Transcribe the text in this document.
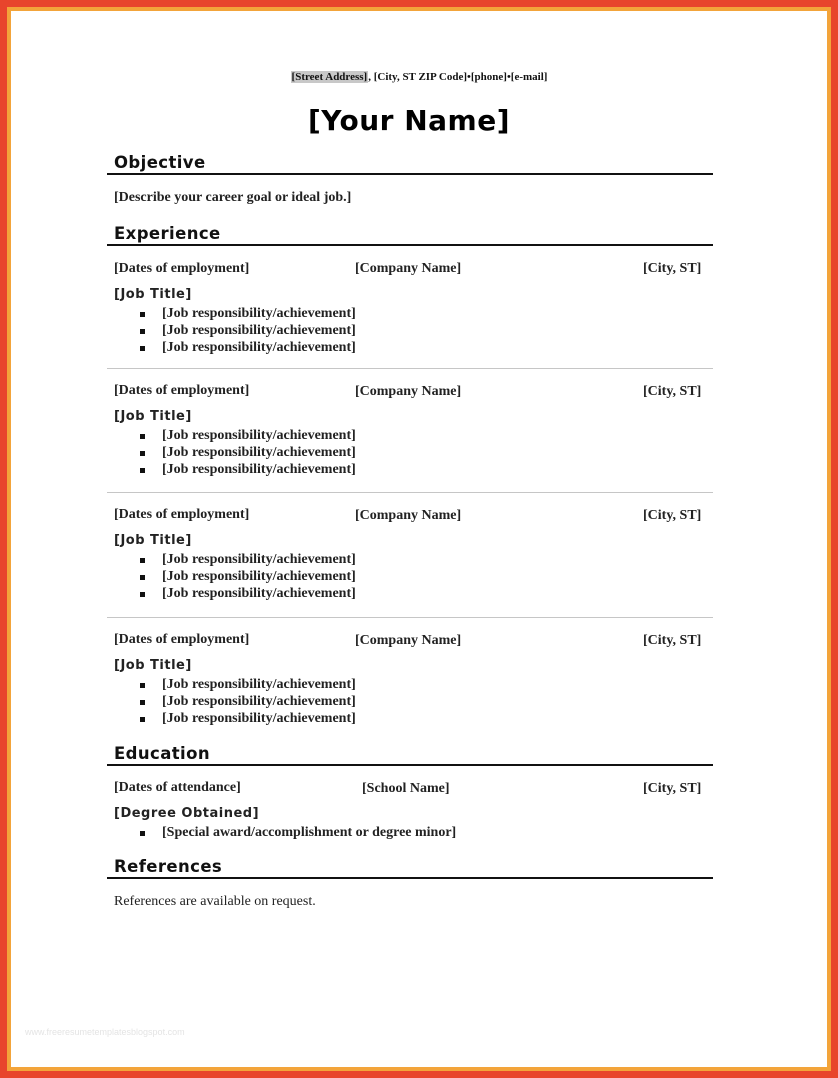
[Street Address], [City, ST ZIP Code]•[phone]•[e-mail]
[Your Name]
Objective
[Describe your career goal or ideal job.]
Experience
[Dates of employment]	[Company Name]	[City, ST]
[Job Title]
[Job responsibility/achievement]
[Job responsibility/achievement]
[Job responsibility/achievement]
[Dates of employment]	[Company Name]	[City, ST]
[Job Title]
[Job responsibility/achievement]
[Job responsibility/achievement]
[Job responsibility/achievement]
[Dates of employment]	[Company Name]	[City, ST]
[Job Title]
[Job responsibility/achievement]
[Job responsibility/achievement]
[Job responsibility/achievement]
[Dates of employment]	[Company Name]	[City, ST]
[Job Title]
[Job responsibility/achievement]
[Job responsibility/achievement]
[Job responsibility/achievement]
Education
[Dates of attendance]	[School Name]	[City, ST]
[Degree Obtained]
[Special award/accomplishment or degree minor]
References
References are available on request.
www.freeresumetemplatesblogspot.com
